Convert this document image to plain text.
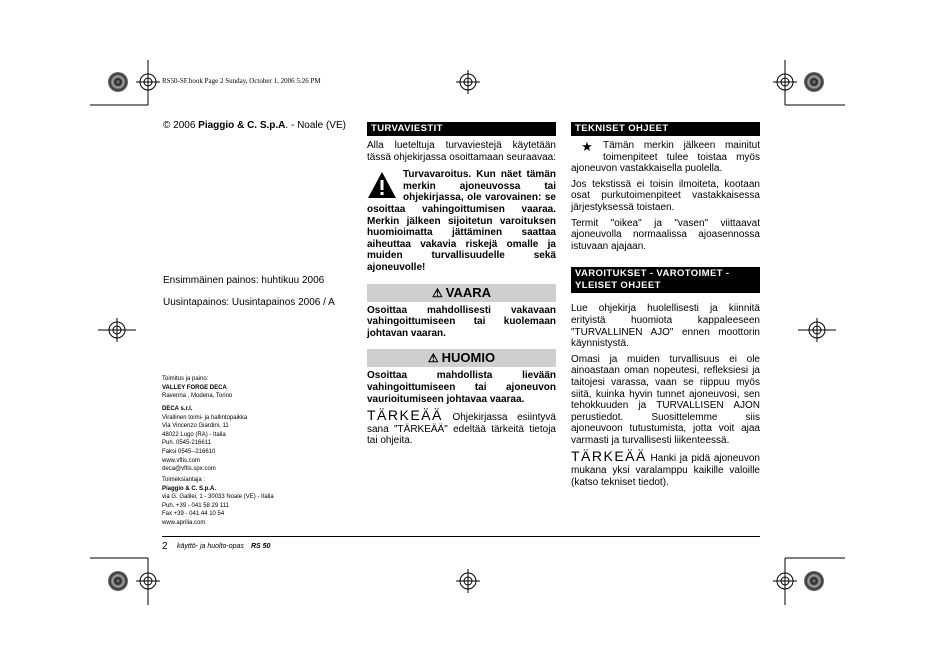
RS50-SF.book Page 2 Sunday, October 1, 2006 5:26 PM
© 2006 Piaggio & C. S.p.A. - Noale (VE)
Ensimmäinen painos: huhtikuu 2006
Uusintapainos: Uusintapainos 2006 / A
Toimitus ja paino:
VALLEY FORGE DECA
Ravenna , Modena, Torino
DECA s.r.l.
Virallinen toimi- ja hallintopaikka
Via Vincenzo Giardini, 11
48022 Lugo (RA) - Italia
Puh. 0545-216611
Faksi 0545--216610
www.vftis.com
deca@vftis.spx.com
Toimeksiantaja :
Piaggio & C. S.p.A.
via G. Galilei, 1 - 30033 Noale (VE) - Italia
Puh. +39 - 041 58 29 111
Fax +39 - 041 44 10 54
www.aprilia.com
TURVAVIESTIT

Alla lueteltuja turvaviestejä käytetään tässä ohjekirjassa osoittamaan seuraavaa:

Turvavaroitus. Kun näet tämän merkin ajoneuvossa tai ohjekirjassa, ole varovainen: se osoittaa vahingoittumisen vaaraa. Merkin jälkeen sijoitetun varoituksen huomioimatta jättäminen saattaa aiheuttaa vakavia riskejä omalle ja muiden turvallisuudelle sekä ajoneuvolle!

⚠ VAARA

Osoittaa mahdollisesti vakavaan vahingoittumiseen tai kuolemaan johtavan vaaran.

⚠ HUOMIO

Osoittaa mahdollista lievään vahingoittumiseen tai ajoneuvon vaurioitumiseen johtavaa vaaraa.

TÄRKEÄÄ Ohjekirjassa esiintyvä sana "TÄRKEÄÄ" edeltää tärkeitä tietoja tai ohjeita.

TEKNISET OHJEET
★	Tämän merkin jälkeen mainitut toimenpiteet tulee toistaa myös ajoneuvon vastakkaisella puolella.

Jos tekstissä ei toisin ilmoiteta, kootaan osat purkutoimenpiteet vastakkaisessa järjestyksessä toistaen.

Termit "oikea" ja "vasen" viittaavat ajoneuvolla normaalissa ajoasennossa istuvaan ajajaan.

VAROITUKSET - VAROTOIMET -
YLEISET OHJEET

Lue ohjekirja huolellisesti ja kiinnitä erityistä huomiota kappaleeseen "TURVALLINEN AJO" ennen moottorin käynnistystä.

Omasi ja muiden turvallisuus ei ole ainoastaan oman nopeutesi, refleksiesi ja taitojesi varassa, vaan se riippuu myös siitä, kuinka hyvin tunnet ajoneuvosi, sen tehokkuuden ja TURVALLISEN AJON perustiedot. Suosittelemme siis ajoneuvoon tutustumista, jotta voit ajaa varmasti ja turvallisesti liikenteessä.

TÄRKEÄÄ Hanki ja pidä ajoneuvon mukana yksi varalamppu kaikille valoille (katso tekniset tiedot).

2 käyttö- ja huolto-opas RS 50
